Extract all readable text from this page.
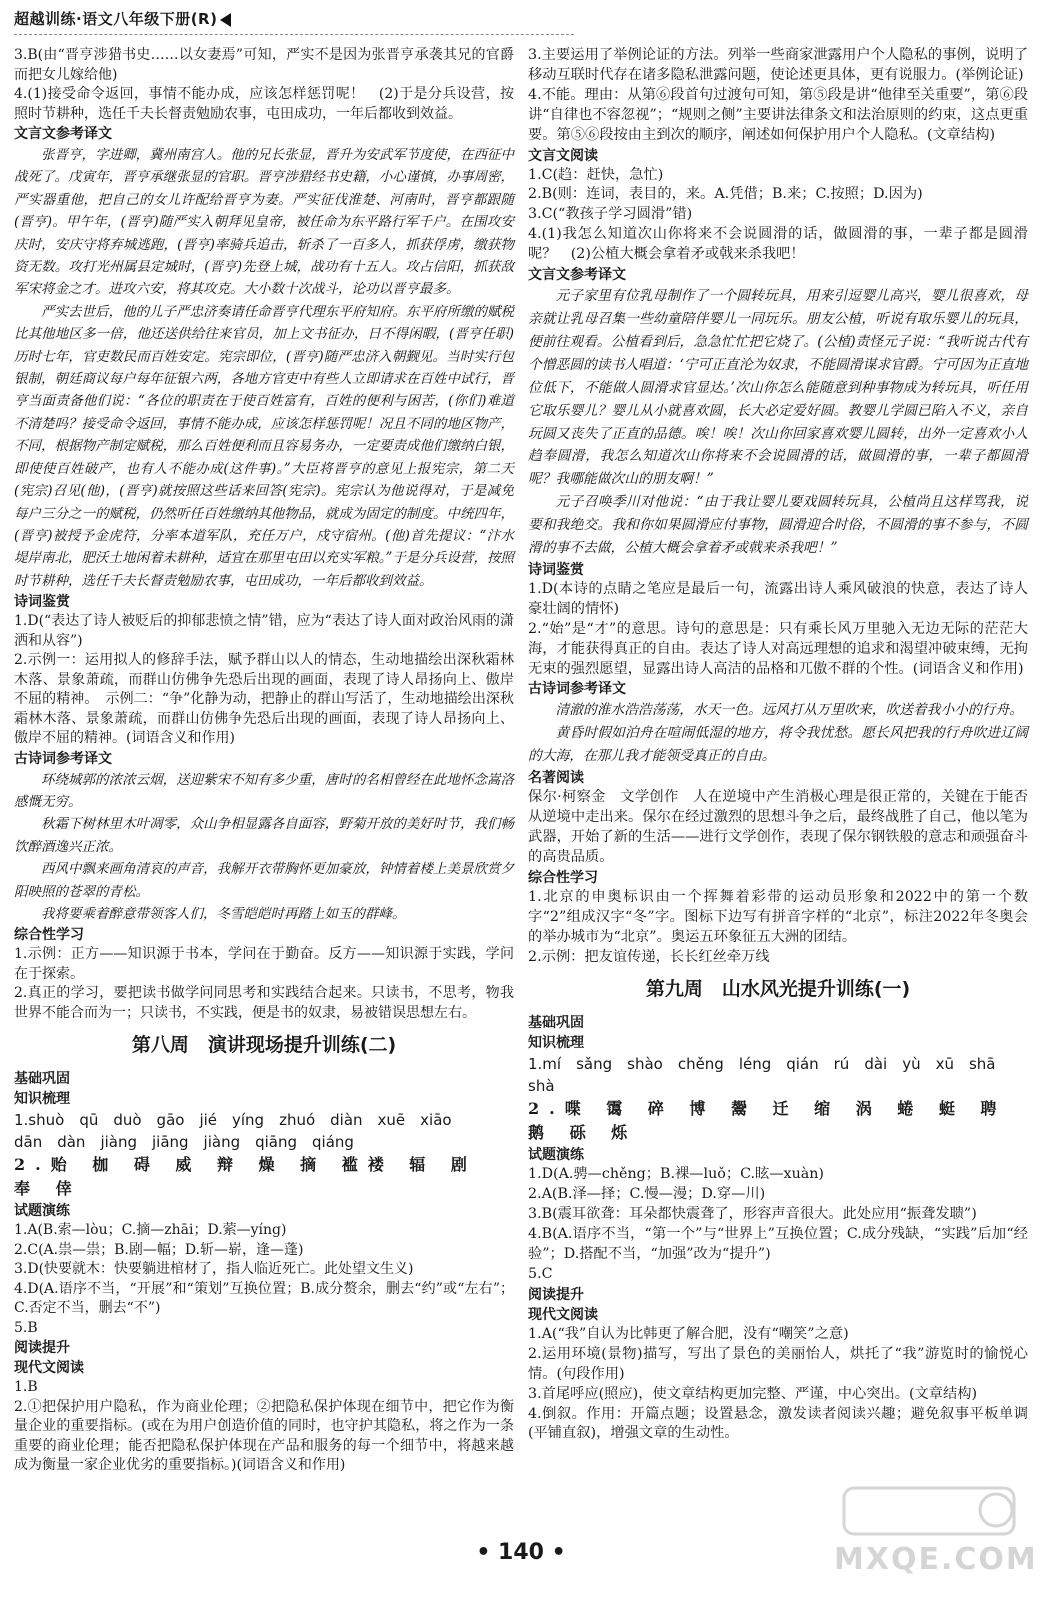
超越训练·语文八年级下册(R)

3.B(由“晋亨涉猎书史……以女妻焉”可知，严实不是因为张晋亨承袭其兄的官爵而把女儿嫁给他)

4.(1)接受命令返回，事情不能办成，应该怎样惩罚呢！　(2)于是分兵设营，按照时节耕种，选任千夫长督责勉励农事，屯田成功，一年后都收到效益。

文言文参考译文

张晋亨，字进卿，冀州南宫人。他的兄长张显，晋升为安武军节度使，在西征中战死了。戊寅年，晋亨承继张显的官职。晋亨涉猎经书史籍，小心谨慎，办事周密，严实器重他，把自己的女儿许配给晋亨为妻。严实征伐淮楚、河南时，晋亨都跟随(晋亨)。甲午年，(晋亨)随严实入朝拜见皇帝，被任命为东平路行军千户。在围攻安庆时，安庆守将弃城逃跑，(晋亨)率骑兵追击，斩杀了一百多人，抓获俘虏，缴获物资无数。攻打光州属县定城时，(晋亨)先登上城，战功有十五人。攻占信阳，抓获敌军宋将金之才。进攻六安，将其攻克。大小数十次战斗，论功以晋亨最多。

严实去世后，他的儿子严忠济奏请任命晋亨代理东平府知府。东平府所缴的赋税比其他地区多一倍，他还送供给往来官员，加上文书征办，日不得闲暇，(晋亨任职)历时七年，官吏数民而百姓安定。宪宗即位，(晋亨)随严忠济入朝觐见。当时实行包银制，朝廷商议每户每年征银六两，各地方官吏中有些人立即请求在百姓中试行，晋亨当面责备他们说：“各位的职责在于使百姓富有，百姓的便利与困苦，(你们)难道不清楚吗？接受命令返回，事情不能办成，应该怎样惩罚呢！况且不同的地区物产，不同，根据物产制定赋税，那么百姓便利而且容易务办，一定要责成他们缴纳白银，即使使百姓破产，也有人不能办成(这件事)。”大臣将晋亨的意见上报宪宗，第二天(宪宗)召见(他)，(晋亨)就按照这些话来回答(宪宗)。宪宗认为他说得对，于是减免每户三分之一的赋税，仍然听任百姓缴纳其他物品，就成为固定的制度。中统四年，(晋亨)被授予金虎符，分率本道军队，充任万户，戍守宿州。(他)首先提议：“汴水堤岸南北，肥沃土地闲着未耕种，适宜在那里屯田以充实军粮。”于是分兵设营，按照时节耕种，选任千夫长督责勉励农事，屯田成功，一年后都收到效益。

诗词鉴赏

1.D(“表达了诗人被贬后的抑郁悲愤之情”错，应为“表达了诗人面对政治风雨的潇洒和从容”)

2.示例一：运用拟人的修辞手法，赋予群山以人的情态，生动地描绘出深秋霜林木落、景象萧疏，而群山仿佛争先恐后出现的画面，表现了诗人昂扬向上、傲岸不屈的精神。　示例二：“争”化静为动，把静止的群山写活了，生动地描绘出深秋霜林木落、景象萧疏，而群山仿佛争先恐后出现的画面，表现了诗人昂扬向上、傲岸不屈的精神。(词语含义和作用)

古诗词参考译文

环绕城郭的浓浓云烟，送迎紫宋不知有多少重，唐时的名相曾经在此地怀念嵩洛感慨无穷。

秋霜下树林里木叶凋零，众山争相显露各自面容，野菊开放的美好时节，我们畅饮醉酒逸兴正浓。

西风中飘来画角清哀的声音，我解开衣带胸怀更加豪放，钟情着楼上美景欣赏夕阳映照的苍翠的青松。

我将要乘着醉意带领客人们，冬雪皑皑时再踏上如玉的群峰。

综合性学习

1.示例：正方——知识源于书本，学问在于勤奋。反方——知识源于实践，学问在于探索。

2.真正的学习，要把读书做学问同思考和实践结合起来。只读书，不思考，物我世界不能合而为一；只读书，不实践，便是书的奴隶，易被错误思想左右。

第八周　演讲现场提升训练(二)

基础巩固

知识梳理

1.shuò　qū　duò　gāo　jié　yíng　zhuó　diàn　xuē　xiāo

dān　dàn　jiàng　jiāng　jiàng　qiāng　qiáng

2.贻 枷 碍 威 辩 燥 摘 褴褛 辐 剧 奉 倖

试题演练

1.A(B.索—lòu；C.摘—zhāi；D.萦—yíng)

2.C(A.祟—祟；B.剧—幅；D.斩—崭，逢—蓬)

3.D(快要就木：快要躺进棺材了，指人临近死亡。此处望文生义)

4.D(A.语序不当，“开展”和“策划”互换位置；B.成分赘余，删去“约”或“左右”；C.否定不当，删去“不”)

5.B

阅读提升

现代文阅读

1.B

2.①把保护用户隐私，作为商业伦理；②把隐私保护体现在细节中，把它作为衡量企业的重要指标。(或在为用户创造价值的同时，也守护其隐私，将之作为一条重要的商业伦理；能否把隐私保护体现在产品和服务的每一个细节中，将越来越成为衡量一家企业优劣的重要指标。)(词语含义和作用)

3.主要运用了举例论证的方法。列举一些商家泄露用户个人隐私的事例，说明了移动互联时代存在诸多隐私泄露问题，使论述更具体，更有说服力。(举例论证)

4.不能。理由：从第⑥段首句过渡句可知，第⑤段是讲“他律至关重要”，第⑥段讲“自律也不容忽视”；“规则之侧”主要讲法律条文和法治原则的约束，这点更重要。第⑤⑥段按由主到次的顺序，阐述如何保护用户个人隐私。(文章结构)

文言文阅读

1.C(趋：赶快，急忙)

2.B(则：连词，表目的，来。A.凭借；B.来；C.按照；D.因为)

3.C(“教孩子学习圆滑”错)

4.(1)我怎么知道次山你将来不会说圆滑的话，做圆滑的事，一辈子都是圆滑呢？　(2)公植大概会拿着矛或戟来杀我吧！

文言文参考译文

元子家里有位乳母制作了一个圆转玩具，用来引逗婴儿高兴，婴儿很喜欢，母亲就让乳母召集一些幼童陪伴婴儿一同玩乐。朋友公植，听说有取乐婴儿的玩具，便前往观看。公植看到后，急急忙忙把它烧了。(公植)责怪元子说：“我听说古代有个憎恶圆的读书人唱道：‘宁可正直沦为奴隶，不能圆滑谋求官爵。宁可因为正直地位低下，不能做人圆滑求官显达。’次山你怎么能随意到种事物成为转玩具，听任用它取乐婴儿？婴儿从小就喜欢圆，长大必定爱好圆。教婴儿学圆已陷入不义，亲自玩圆又丧失了正直的品德。唉！唉！次山你回家喜欢婴儿圆转，出外一定喜欢小人趋奉圆滑，我怎么知道次山你将来不会说圆滑的话，做圆滑的事，一辈子都圆滑呢？我哪能做次山的朋友啊！”

元子召唤季川对他说：“由于我让婴儿要戏圆转玩具，公植尚且这样骂我，说要和我绝交。我和你如果圆滑应付事物，圆滑迎合时俗，不圆滑的事不参与，不圆滑的事不去做，公植大概会拿着矛或戟来杀我吧！”

诗词鉴赏

1.D(本诗的点睛之笔应是最后一句，流露出诗人乘风破浪的快意，表达了诗人豪壮阔的情怀)

2.“始”是“才”的意思。诗句的意思是：只有乘长风万里驰入无边无际的茫茫大海，才能获得真正的自由。表达了诗人对高远理想的追求和渴望冲破束缚，无拘无束的强烈愿望，显露出诗人高洁的品格和兀傲不群的个性。(词语含义和作用)

古诗词参考译文

清澈的淮水浩浩荡荡，水天一色。远风打从万里吹来，吹送着我小小的行舟。

黄昏时假如泊舟在喧闹低湿的地方，将令我忧愁。愿长风把我的行舟吹进辽阔的大海，在那儿我才能领受真正的自由。

名著阅读

保尔·柯察金　文学创作　人在逆境中产生消极心理是很正常的，关键在于能否从逆境中走出来。保尔在经过激烈的思想斗争之后，最终战胜了自己，他以笔为武器，开始了新的生活——进行文学创作，表现了保尔钢铁般的意志和顽强奋斗的高贵品质。

综合性学习

1.北京的申奥标识由一个挥舞着彩带的运动员形象和2022中的第一个数字“2”组成汉字“冬”字。图标下边写有拼音字样的“北京”，标注2022年冬奥会的举办城市为“北京”。奥运五环象征五大洲的团结。

2.示例：把友谊传递，长长红丝牵万线

第九周　山水风光提升训练(一)

基础巩固

知识梳理

1.mí　sǎng　shào　chěng　léng　qián　rú　dài　yù　xū　shā

shà

2.喋 霭 碎 博 鬶 迁 缩 涡 蜷 蜓 聘 鹅 砾 烁

试题演练

1.D(A.骋—chěng；B.裸—luǒ；C.眩—xuàn)

2.A(B.泽—择；C.慢—漫；D.穿—川)

3.B(震耳欲聋：耳朵都快震聋了，形容声音很大。此处应用“振聋发聩”)

4.B(A.语序不当，“第一个”与“世界上”互换位置；C.成分残缺，“实践”后加“经验”；D.搭配不当，“加强”改为“提升”)

5.C

阅读提升

现代文阅读

1.A(“我”自认为比韩更了解合肥，没有“嘲笑”之意)

2.运用环境(景物)描写，写出了景色的美丽怡人，烘托了“我”游览时的愉悦心情。(句段作用)

3.首尾呼应(照应)，使文章结构更加完整、严谨，中心突出。(文章结构)

4.倒叙。作用：开篇点题；设置悬念，激发读者阅读兴趣；避免叙事平板单调(平铺直叙)，增强文章的生动性。

• 140 •	MXQE.COM
